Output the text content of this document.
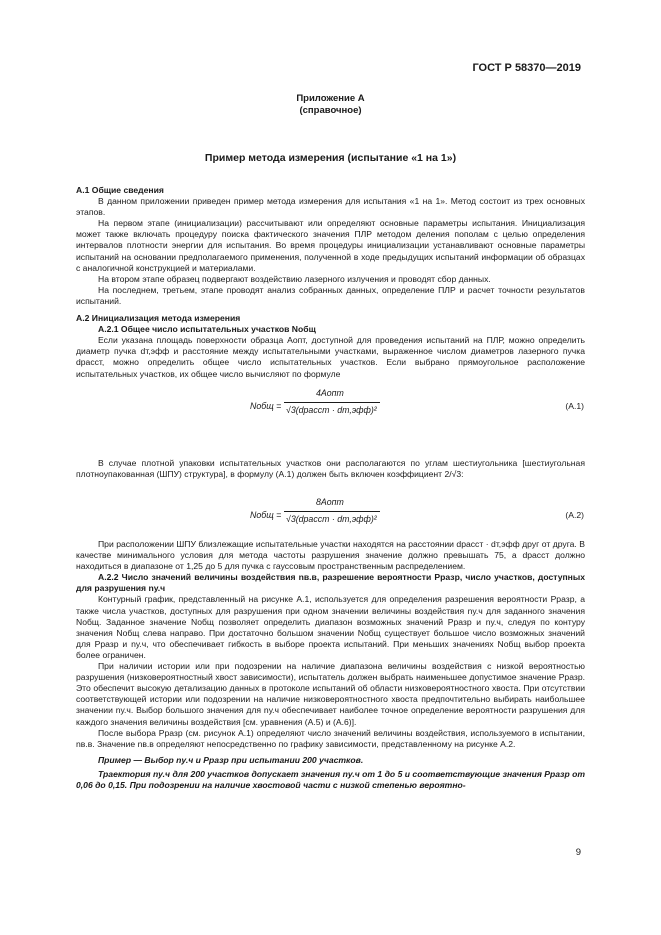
ГОСТ Р 58370—2019
Приложение А
(справочное)
Пример метода измерения (испытание «1 на 1»)

А.1 Общие сведения

В данном приложении приведен пример метода измерения для испытания «1 на 1». Метод состоит из трех основных этапов.

На первом этапе (инициализации) рассчитывают или определяют основные параметры испытания. Инициализация может также включать процедуру поиска фактического значения ПЛР методом деления пополам с целью определения интервалов плотности энергии для испытания. Во время процедуры инициализации устанавливают основные параметры испытаний на основании предполагаемого применения, полученной в ходе предыдущих испытаний информации об образцах с аналогичной конструкцией и материалами.

На втором этапе образец подвергают воздействию лазерного излучения и проводят сбор данных.

На последнем, третьем, этапе проводят анализ собранных данных, определение ПЛР и расчет точности результатов испытаний.

А.2 Инициализация метода измерения

А.2.1 Общее число испытательных участков Nобщ

Если указана площадь поверхности образца Aопт, доступной для проведения испытаний на ПЛР, можно определить диаметр пучка dт,эфф и расстояние между испытательными участками, выраженное числом диаметров лазерного пучка dрасст, можно определить общее число испытательных участков. Если выбрано прямоугольное расположение испытательных участков, их общее число вычисляют по формуле

Nобщ =
4Aопт
√3(dрасст · dт,эфф)²	(А.1)

В случае плотной упаковки испытательных участков они располагаются по углам шестиугольника [шестиугольная плотноупакованная (ШПУ) структура], в формулу (А.1) должен быть включен коэффициент 2/√3:

Nобщ =
8Aопт
√3(dрасст · dт,эфф)²	(А.2)

При расположении ШПУ близлежащие испытательные участки находятся на расстоянии dрасст · dт,эфф друг от друга. В качестве минимального условия для метода частоты разрушения значение должно превышать 75, а dрасст должно находиться в диапазоне от 1,25 до 5 для пучка с гауссовым пространственным распределением.

А.2.2 Число значений величины воздействия nв.в, разрешение вероятности Pразр, число участков, доступных для разрушения nу.ч

Контурный график, представленный на рисунке А.1, используется для определения разрешения вероятности Pразр, а также числа участков, доступных для разрушения при одном значении величины воздействия nу.ч для заданного значения Nобщ. Заданное значение Nобщ позволяет определить диапазон возможных значений Pразр и nу.ч, следуя по контуру значения Nобщ слева направо. При достаточно большом значении Nобщ существует большое число возможных значений для Pразр и nу.ч, что обеспечивает гибкость в выборе проекта испытаний. При меньших значениях Nобщ выбор проекта более ограничен.

При наличии истории или при подозрении на наличие диапазона величины воздействия с низкой вероятностью разрушения (низковероятностный хвост зависимости), испытатель должен выбрать наименьшее допустимое значение Pразр. Это обеспечит высокую детализацию данных в протоколе испытаний об области низковероятностного хвоста. При отсутствии соответствующей истории или подозрении на наличие низковероятностного хвоста предпочтительно выбирать наибольшее значении nу.ч. Выбор большого значения для nу.ч обеспечивает наиболее точное определение вероятности разрушения для каждого значения величины воздействия [см. уравнения (А.5) и (А.6)].

После выбора Pразр (см. рисунок А.1) определяют число значений величины воздействия, используемого в испытании, nв.в. Значение nв.в определяют непосредственно по графику зависимости, представленному на рисунке А.2.

Пример — Выбор nу.ч и Pразр при испытании 200 участков.

Траектория nу.ч для 200 участков допускает значения nу.ч от 1 до 5 и соответствующие значения Pразр от 0,06 до 0,15. При подозрении на наличие хвостовой части с низкой степенью вероятно-

9
